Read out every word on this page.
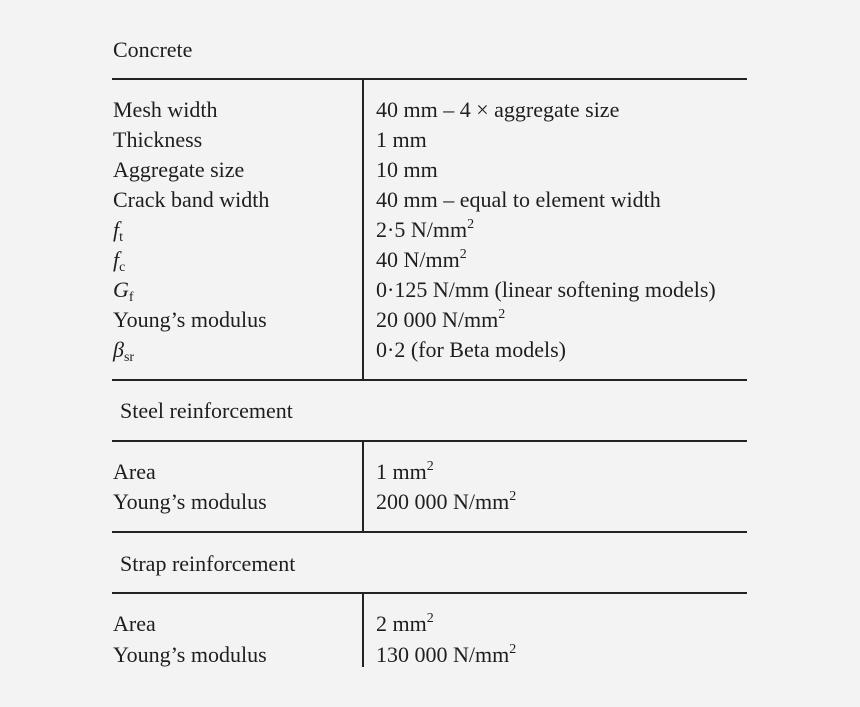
Concrete
Mesh width	40 mm – 4 × aggregate size
Thickness	1 mm
Aggregate size	10 mm
Crack band width	40 mm – equal to element width
$f_t$	2·5 $N/mm^2$
$f_c$	40 $N/mm^2$
$G_f$	0·125 N/mm (linear softening models)
Young’s modulus	20 000 $N/mm^2$
$\beta_{sr}$	0·2 (for Beta models)
Steel reinforcement
Area	1 $mm^2$
Young’s modulus	200 000 $N/mm^2$
Strap reinforcement
Area	2 $mm^2$
Young’s modulus	130 000 $N/mm^2$
